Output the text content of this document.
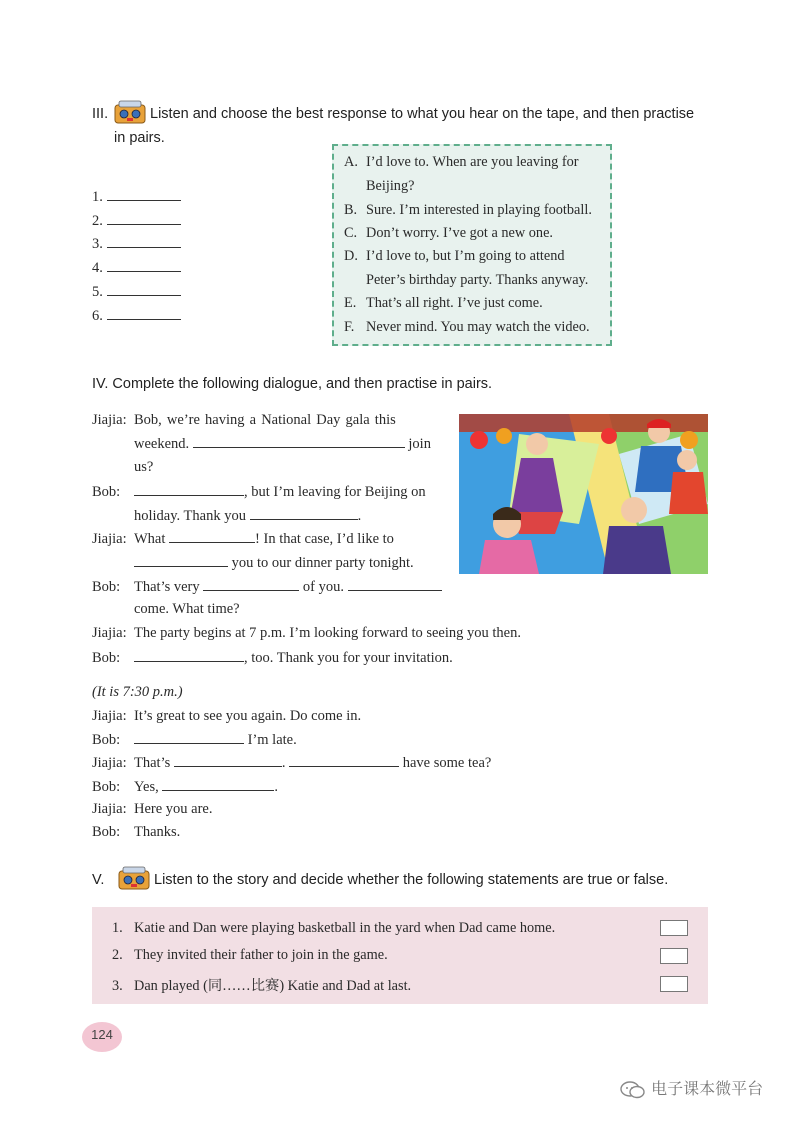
III.	Listen and choose the best response to what you hear on the tape, and then practise
in pairs.
1.
2.
3.
4.
5.
6.
A. I’d love to. When are you leaving for
Beijing?
B. Sure. I’m interested in playing football.
C. Don’t worry. I’ve got a new one.
D. I’d love to, but I’m going to attend
Peter’s birthday party. Thanks anyway.
E. That’s all right. I’ve just come.
F. Never mind. You may watch the video.
IV. Complete the following dialogue, and then practise in pairs.
Jiajia: Bob, we’re having a National Day gala this
weekend.	join
us?
Bob:	, but I’m leaving for Beijing on
holiday. Thank you	.
Jiajia: What	! In that case, I’d like to
you to our dinner party tonight.
Bob: That’s very	of you.
come. What time?
Jiajia: The party begins at 7 p.m. I’m looking forward to seeing you then.
Bob:	, too. Thank you for your invitation.
(It is 7:30 p.m.)
Jiajia: It’s great to see you again. Do come in.
Bob:	I’m late.
Jiajia: That’s	.	have some tea?
Bob: Yes,	.
Jiajia: Here you are.
Bob: Thanks.
V.	Listen to the story and decide whether the following statements are true or false.
1. Katie and Dan were playing basketball in the yard when Dad came home.
2. They invited their father to join in the game.
3. Dan played (同……比赛) Katie and Dad at last.
124
电子课本微平台
